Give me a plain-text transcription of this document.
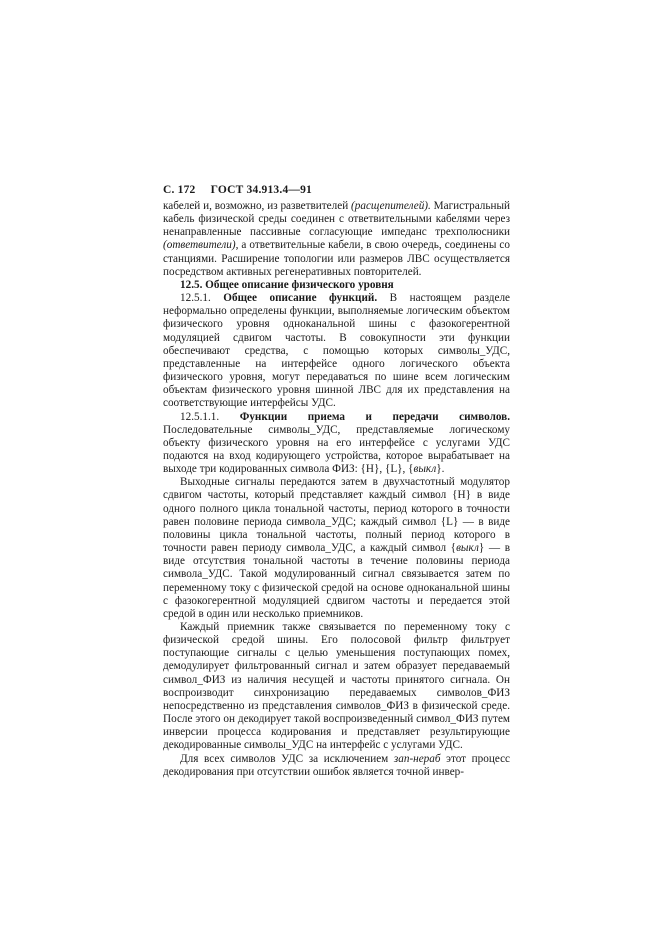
С. 172 ГОСТ 34.913.4—91

кабелей и, возможно, из разветвителей (расщепителей). Магистральный кабель физической среды соединен с ответвительными кабелями через ненаправленные пассивные согласующие импеданс трехполюсники (ответвители), а ответвительные кабели, в свою очередь, соединены со станциями. Расширение топологии или размеров ЛВС осуществляется посредством активных регенеративных повторителей.

12.5. Общее описание физического уровня

12.5.1. Общее описание функций. В настоящем разделе неформально определены функции, выполняемые логическим объектом физического уровня одноканальной шины с фазокогерентной модуляцией сдвигом частоты. В совокупности эти функции обеспечивают средства, с помощью которых символы_УДС, представленные на интерфейсе одного логического объекта физического уровня, могут передаваться по шине всем логическим объектам физического уровня шинной ЛВС для их представления на соответствующие интерфейсы УДС.

12.5.1.1. Функции приема и передачи символов. Последовательные символы_УДС, представляемые логическому объекту физического уровня на его интерфейсе с услугами УДС подаются на вход кодирующего устройства, которое вырабатывает на выходе три кодированных символа ФИЗ: {H}, {L}, {выкл}.

Выходные сигналы передаются затем в двухчастотный модулятор сдвигом частоты, который представляет каждый символ {H} в виде одного полного цикла тональной частоты, период которого в точности равен половине периода символа_УДС; каждый символ {L} — в виде половины цикла тональной частоты, полный период которого в точности равен периоду символа_УДС, а каждый символ {выкл} — в виде отсутствия тональной частоты в течение половины периода символа_УДС. Такой модулированный сигнал связывается затем по переменному току с физической средой на основе одноканальной шины с фазокогерентной модуляцией сдвигом частоты и передается этой средой в один или несколько приемников.

Каждый приемник также связывается по переменному току с физической средой шины. Его полосовой фильтр фильтрует поступающие сигналы с целью уменьшения поступающих помех, демодулирует фильтрованный сигнал и затем образует передаваемый символ_ФИЗ из наличия несущей и частоты принятого сигнала. Он воспроизводит синхронизацию передаваемых символов_ФИЗ непосредственно из представления символов_ФИЗ в физической среде. После этого он декодирует такой воспроизведенный символ_ФИЗ путем инверсии процесса кодирования и представляет результирующие декодированные символы_УДС на интерфейс с услугами УДС.

Для всех символов УДС за исключением зап-нераб этот процесс декодирования при отсутствии ошибок является точной инвер-
